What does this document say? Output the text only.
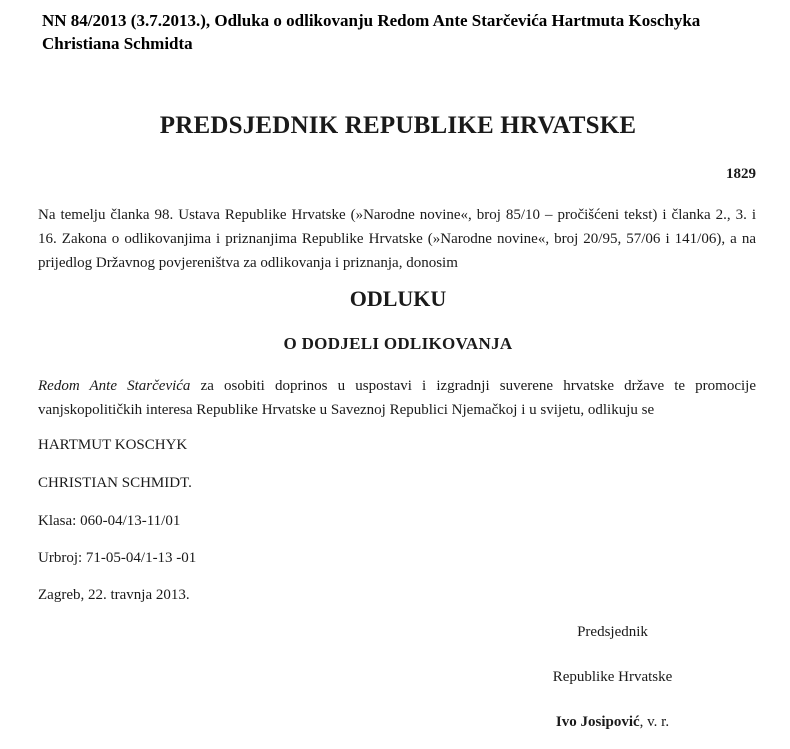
NN 84/2013 (3.7.2013.), Odluka o odlikovanju Redom Ante Starčevića Hartmuta Koschyka Christiana Schmidta
PREDSJEDNIK REPUBLIKE HRVATSKE
1829
Na temelju članka 98. Ustava Republike Hrvatske (»Narodne novine«, broj 85/10 – pročišćeni tekst) i članka 2., 3. i 16. Zakona o odlikovanjima i priznanjima Republike Hrvatske (»Narodne novine«, broj 20/95, 57/06 i 141/06), a na prijedlog Državnog povjereništva za odlikovanja i priznanja, donosim
ODLUKU
O DODJELI ODLIKOVANJA
Redom Ante Starčevića za osobiti doprinos u uspostavi i izgradnji suverene hrvatske države te promocije vanjskopolitičkih interesa Republike Hrvatske u Saveznoj Republici Njemačkoj i u svijetu, odlikuju se
HARTMUT KOSCHYK
CHRISTIAN SCHMIDT.
Klasa: 060-04/13-11/01
Urbroj: 71-05-04/1-13 -01
Zagreb, 22. travnja 2013.
Predsjednik
Republike Hrvatske
Ivo Josipović, v. r.
